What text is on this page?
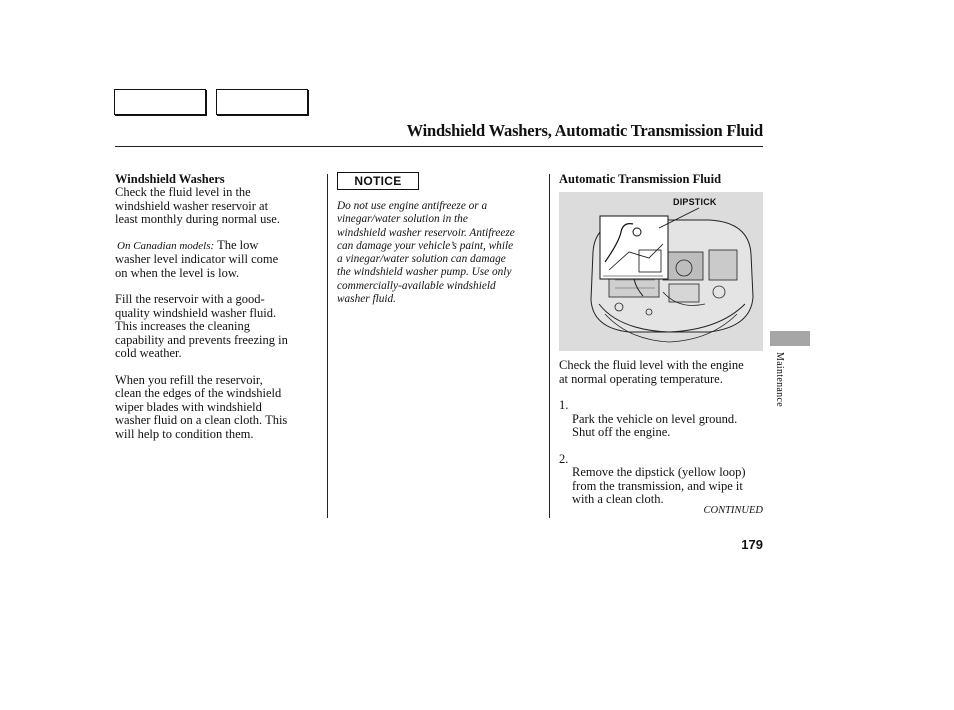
Windshield Washers, Automatic Transmission Fluid
Windshield Washers
Check the fluid level in the
windshield washer reservoir at
least monthly during normal use.
On Canadian models: The low
washer level indicator will come
on when the level is low.
Fill the reservoir with a good-
quality windshield washer fluid.
This increases the cleaning
capability and prevents freezing in
cold weather.
When you refill the reservoir,
clean the edges of the windshield
wiper blades with windshield
washer fluid on a clean cloth. This
will help to condition them.
NOTICE
Do not use engine antifreeze or a
vinegar/water solution in the
windshield washer reservoir. Antifreeze
can damage your vehicle’s paint, while
a vinegar/water solution can damage
the windshield washer pump. Use only
commercially-available windshield
washer fluid.
Automatic Transmission Fluid
DIPSTICK
Check the fluid level with the engine
at normal operating temperature.

1.
Park the vehicle on level ground.
Shut off the engine.

2.
Remove the dipstick (yellow loop)
from the transmission, and wipe it
with a clean cloth.

Maintenance
CONTINUED
179
